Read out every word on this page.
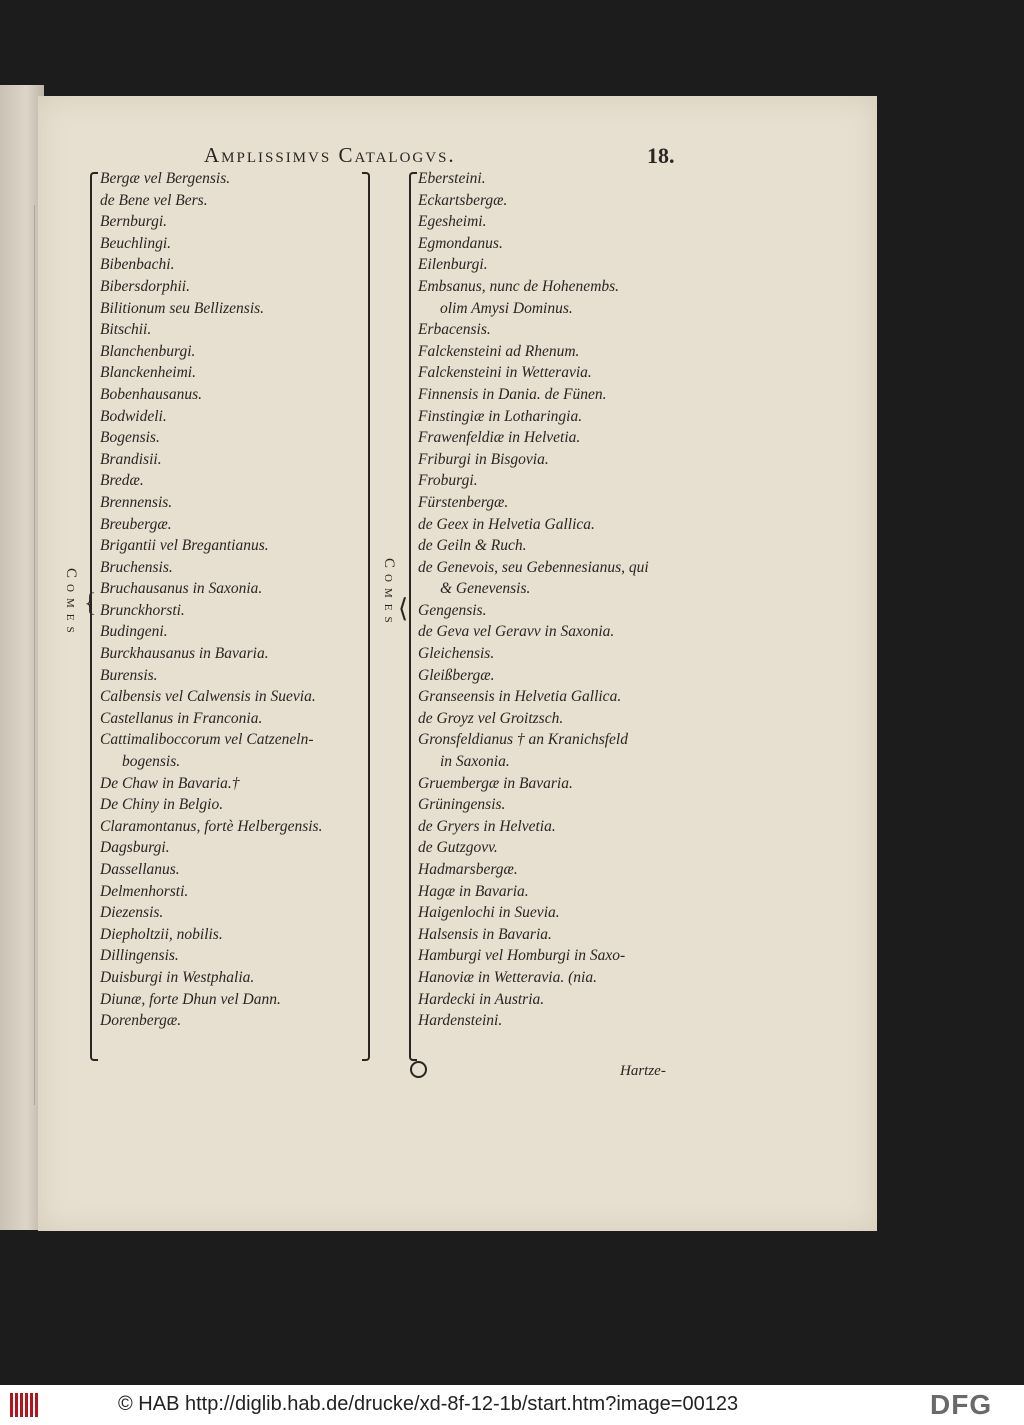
Amplissimvs Catalogvs.	18.
Comes {	Comes ⟨
Bergæ vel Bergensis.
de Bene vel Bers.
Bernburgi.
Beuchlingi.
Bibenbachi.
Bibersdorphii.
Bilitionum seu Bellizensis.
Bitschii.
Blanchenburgi.
Blanckenheimi.
Bobenhausanus.
Bodwideli.
Bogensis.
Brandisii.
Bredæ.
Brennensis.
Breubergæ.
Brigantii vel Bregantianus.
Bruchensis.
Bruchausanus in Saxonia.
Brunckhorsti.
Budingeni.
Burckhausanus in Bavaria.
Burensis.
Calbensis vel Calwensis in Suevia.
Castellanus in Franconia.
Cattimaliboccorum vel Catzeneln-
bogensis.
De Chaw in Bavaria.†
De Chiny in Belgio.
Claramontanus, fortè Helbergensis.
Dagsburgi.
Dassellanus.
Delmenhorsti.
Diezensis.
Diepholtzii, nobilis.
Dillingensis.
Duisburgi in Westphalia.
Diunæ, forte Dhun vel Dann.
Dorenbergæ.
Ebersteini.
Eckartsbergæ.
Egesheimi.
Egmondanus.
Eilenburgi.
Embsanus, nunc de Hohenembs.
olim Amysi Dominus.
Erbacensis.
Falckensteini ad Rhenum.
Falckensteini in Wetteravia.
Finnensis in Dania. de Fünen.
Finstingiæ in Lotharingia.
Frawenfeldiæ in Helvetia.
Friburgi in Bisgovia.
Froburgi.
Fürstenbergæ.
de Geex in Helvetia Gallica.
de Geiln & Ruch.
de Genevois, seu Gebennesianus, qui
& Genevensis.
Gengensis.
de Geva vel Geravv in Saxonia.
Gleichensis.
Gleißbergæ.
Granseensis in Helvetia Gallica.
de Groyz vel Groitzsch.
Gronsfeldianus † an Kranichsfeld
in Saxonia.
Gruembergæ in Bavaria.
Grüningensis.
de Gryers in Helvetia.
de Gutzgovv.
Hadmarsbergæ.
Hagæ in Bavaria.
Haigenlochi in Suevia.
Halsensis in Bavaria.
Hamburgi vel Homburgi in Saxo-
Hanoviæ in Wetteravia. (nia.
Hardecki in Austria.
Hardensteini.
Hartze-
© HAB http://diglib.hab.de/drucke/xd-8f-12-1b/start.htm?image=00123	DFG
